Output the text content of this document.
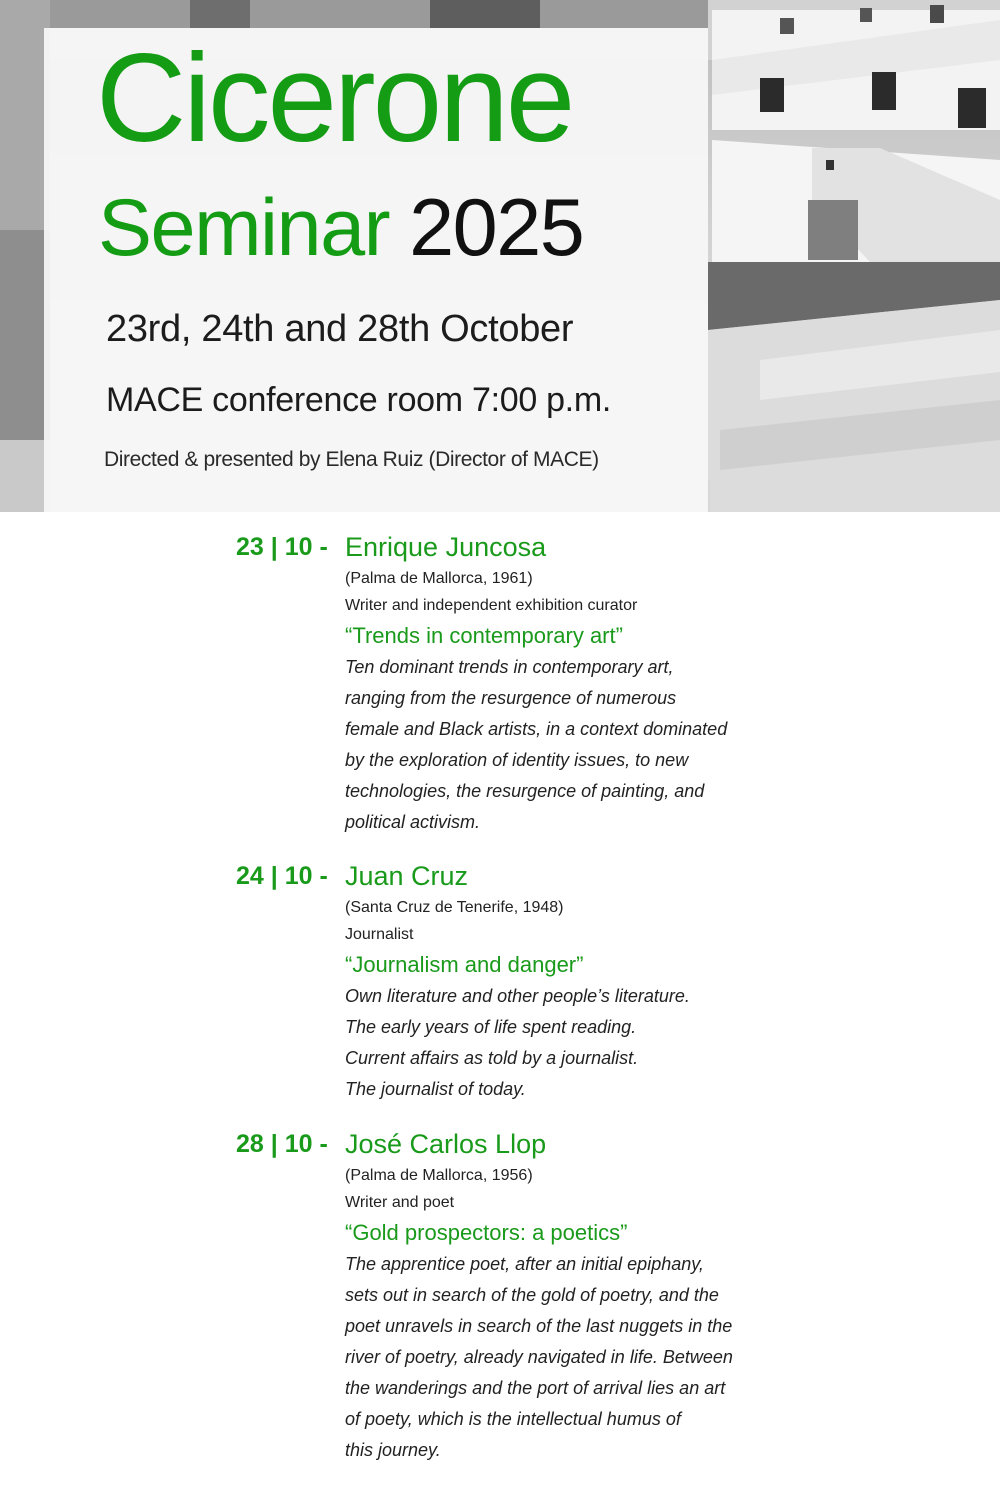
Cicerone
Seminar 2025
23rd, 24th and 28th October
MACE conference room 7:00 p.m.
Directed & presented by Elena Ruiz (Director of MACE)
23 | 10 - Enrique Juncosa
(Palma de Mallorca, 1961)
Writer and independent exhibition curator
“Trends in contemporary art”
Ten dominant trends in contemporary art,
ranging from the resurgence of numerous
female and Black artists, in a context dominated
by the exploration of identity issues, to new
technologies, the resurgence of painting, and
political activism.
24 | 10 - Juan Cruz
(Santa Cruz de Tenerife, 1948)
Journalist
“Journalism and danger”
Own literature and other people’s literature.
The early years of life spent reading.
Current affairs as told by a journalist.
The journalist of today.
28 | 10 - José Carlos Llop
(Palma de Mallorca, 1956)
Writer and poet
“Gold prospectors: a poetics”
The apprentice poet, after an initial epiphany,
sets out in search of the gold of poetry, and the
poet unravels in search of the last nuggets in the
river of poetry, already navigated in life. Between
the wanderings and the port of arrival lies an art
of poety, which is the intellectual humus of
this journey.
